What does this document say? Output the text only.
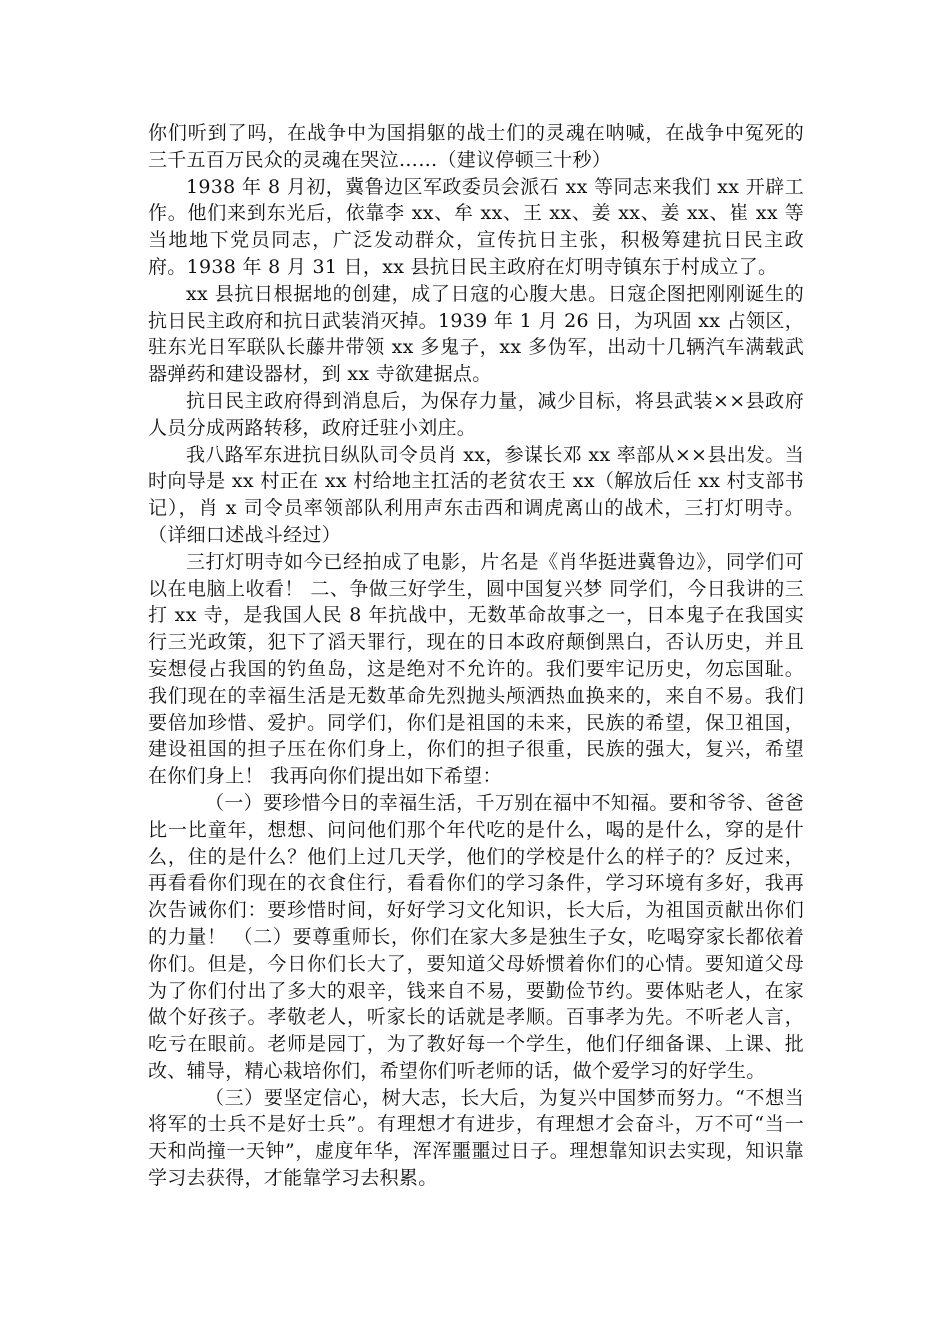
你们听到了吗，在战争中为国捐躯的战士们的灵魂在呐喊，在战争中冤死的三千五百万民众的灵魂在哭泣……（建议停顿三十秒）

1938 年 8 月初，冀鲁边区军政委员会派石 xx 等同志来我们 xx 开辟工作。他们来到东光后，依靠李 xx、牟 xx、王 xx、姜 xx、姜 xx、崔 xx 等当地地下党员同志，广泛发动群众，宣传抗日主张，积极筹建抗日民主政府。1938 年 8 月 31 日，xx 县抗日民主政府在灯明寺镇东于村成立了。

xx 县抗日根据地的创建，成了日寇的心腹大患。日寇企图把刚刚诞生的抗日民主政府和抗日武装消灭掉。1939 年 1 月 26 日，为巩固 xx 占领区，驻东光日军联队长藤井带领 xx 多鬼子，xx 多伪军，出动十几辆汽车满载武器弹药和建设器材，到 xx 寺欲建据点。

抗日民主政府得到消息后，为保存力量，减少目标，将县武装××县政府人员分成两路转移，政府迁驻小刘庄。

我八路军东进抗日纵队司令员肖 xx，参谋长邓 xx 率部从××县出发。当时向导是 xx 村正在 xx 村给地主扛活的老贫农王 xx（解放后任 xx 村支部书记），肖 x 司令员率领部队利用声东击西和调虎离山的战术，三打灯明寺。（详细口述战斗经过）

三打灯明寺如今已经拍成了电影，片名是《肖华挺进冀鲁边》，同学们可以在电脑上收看！ 二、争做三好学生，圆中国复兴梦 同学们，今日我讲的三打 xx 寺，是我国人民 8 年抗战中，无数革命故事之一，日本鬼子在我国实行三光政策，犯下了滔天罪行，现在的日本政府颠倒黑白，否认历史，并且妄想侵占我国的钓鱼岛，这是绝对不允许的。我们要牢记历史，勿忘国耻。我们现在的幸福生活是无数革命先烈抛头颅洒热血换来的，来自不易。我们要倍加珍惜、爱护。同学们，你们是祖国的未来，民族的希望，保卫祖国，建设祖国的担子压在你们身上，你们的担子很重，民族的强大，复兴，希望在你们身上！ 我再向你们提出如下希望：

（一）要珍惜今日的幸福生活，千万别在福中不知福。要和爷爷、爸爸比一比童年，想想、问问他们那个年代吃的是什么，喝的是什么，穿的是什么，住的是什么？他们上过几天学，他们的学校是什么的样子的？反过来，再看看你们现在的衣食住行，看看你们的学习条件，学习环境有多好，我再次告诫你们：要珍惜时间，好好学习文化知识，长大后，为祖国贡献出你们的力量！ （二）要尊重师长，你们在家大多是独生子女，吃喝穿家长都依着你们。但是，今日你们长大了，要知道父母娇惯着你们的心情。要知道父母为了你们付出了多大的艰辛，钱来自不易，要勤俭节约。要体贴老人，在家做个好孩子。孝敬老人，听家长的话就是孝顺。百事孝为先。不听老人言，吃亏在眼前。老师是园丁，为了教好每一个学生，他们仔细备课、上课、批改、辅导，精心栽培你们，希望你们听老师的话，做个爱学习的好学生。

（三）要坚定信心，树大志，长大后，为复兴中国梦而努力。“不想当将军的士兵不是好士兵”。有理想才有进步，有理想才会奋斗，万不可“当一天和尚撞一天钟”，虚度年华，浑浑噩噩过日子。理想靠知识去实现，知识靠学习去获得，才能靠学习去积累。
